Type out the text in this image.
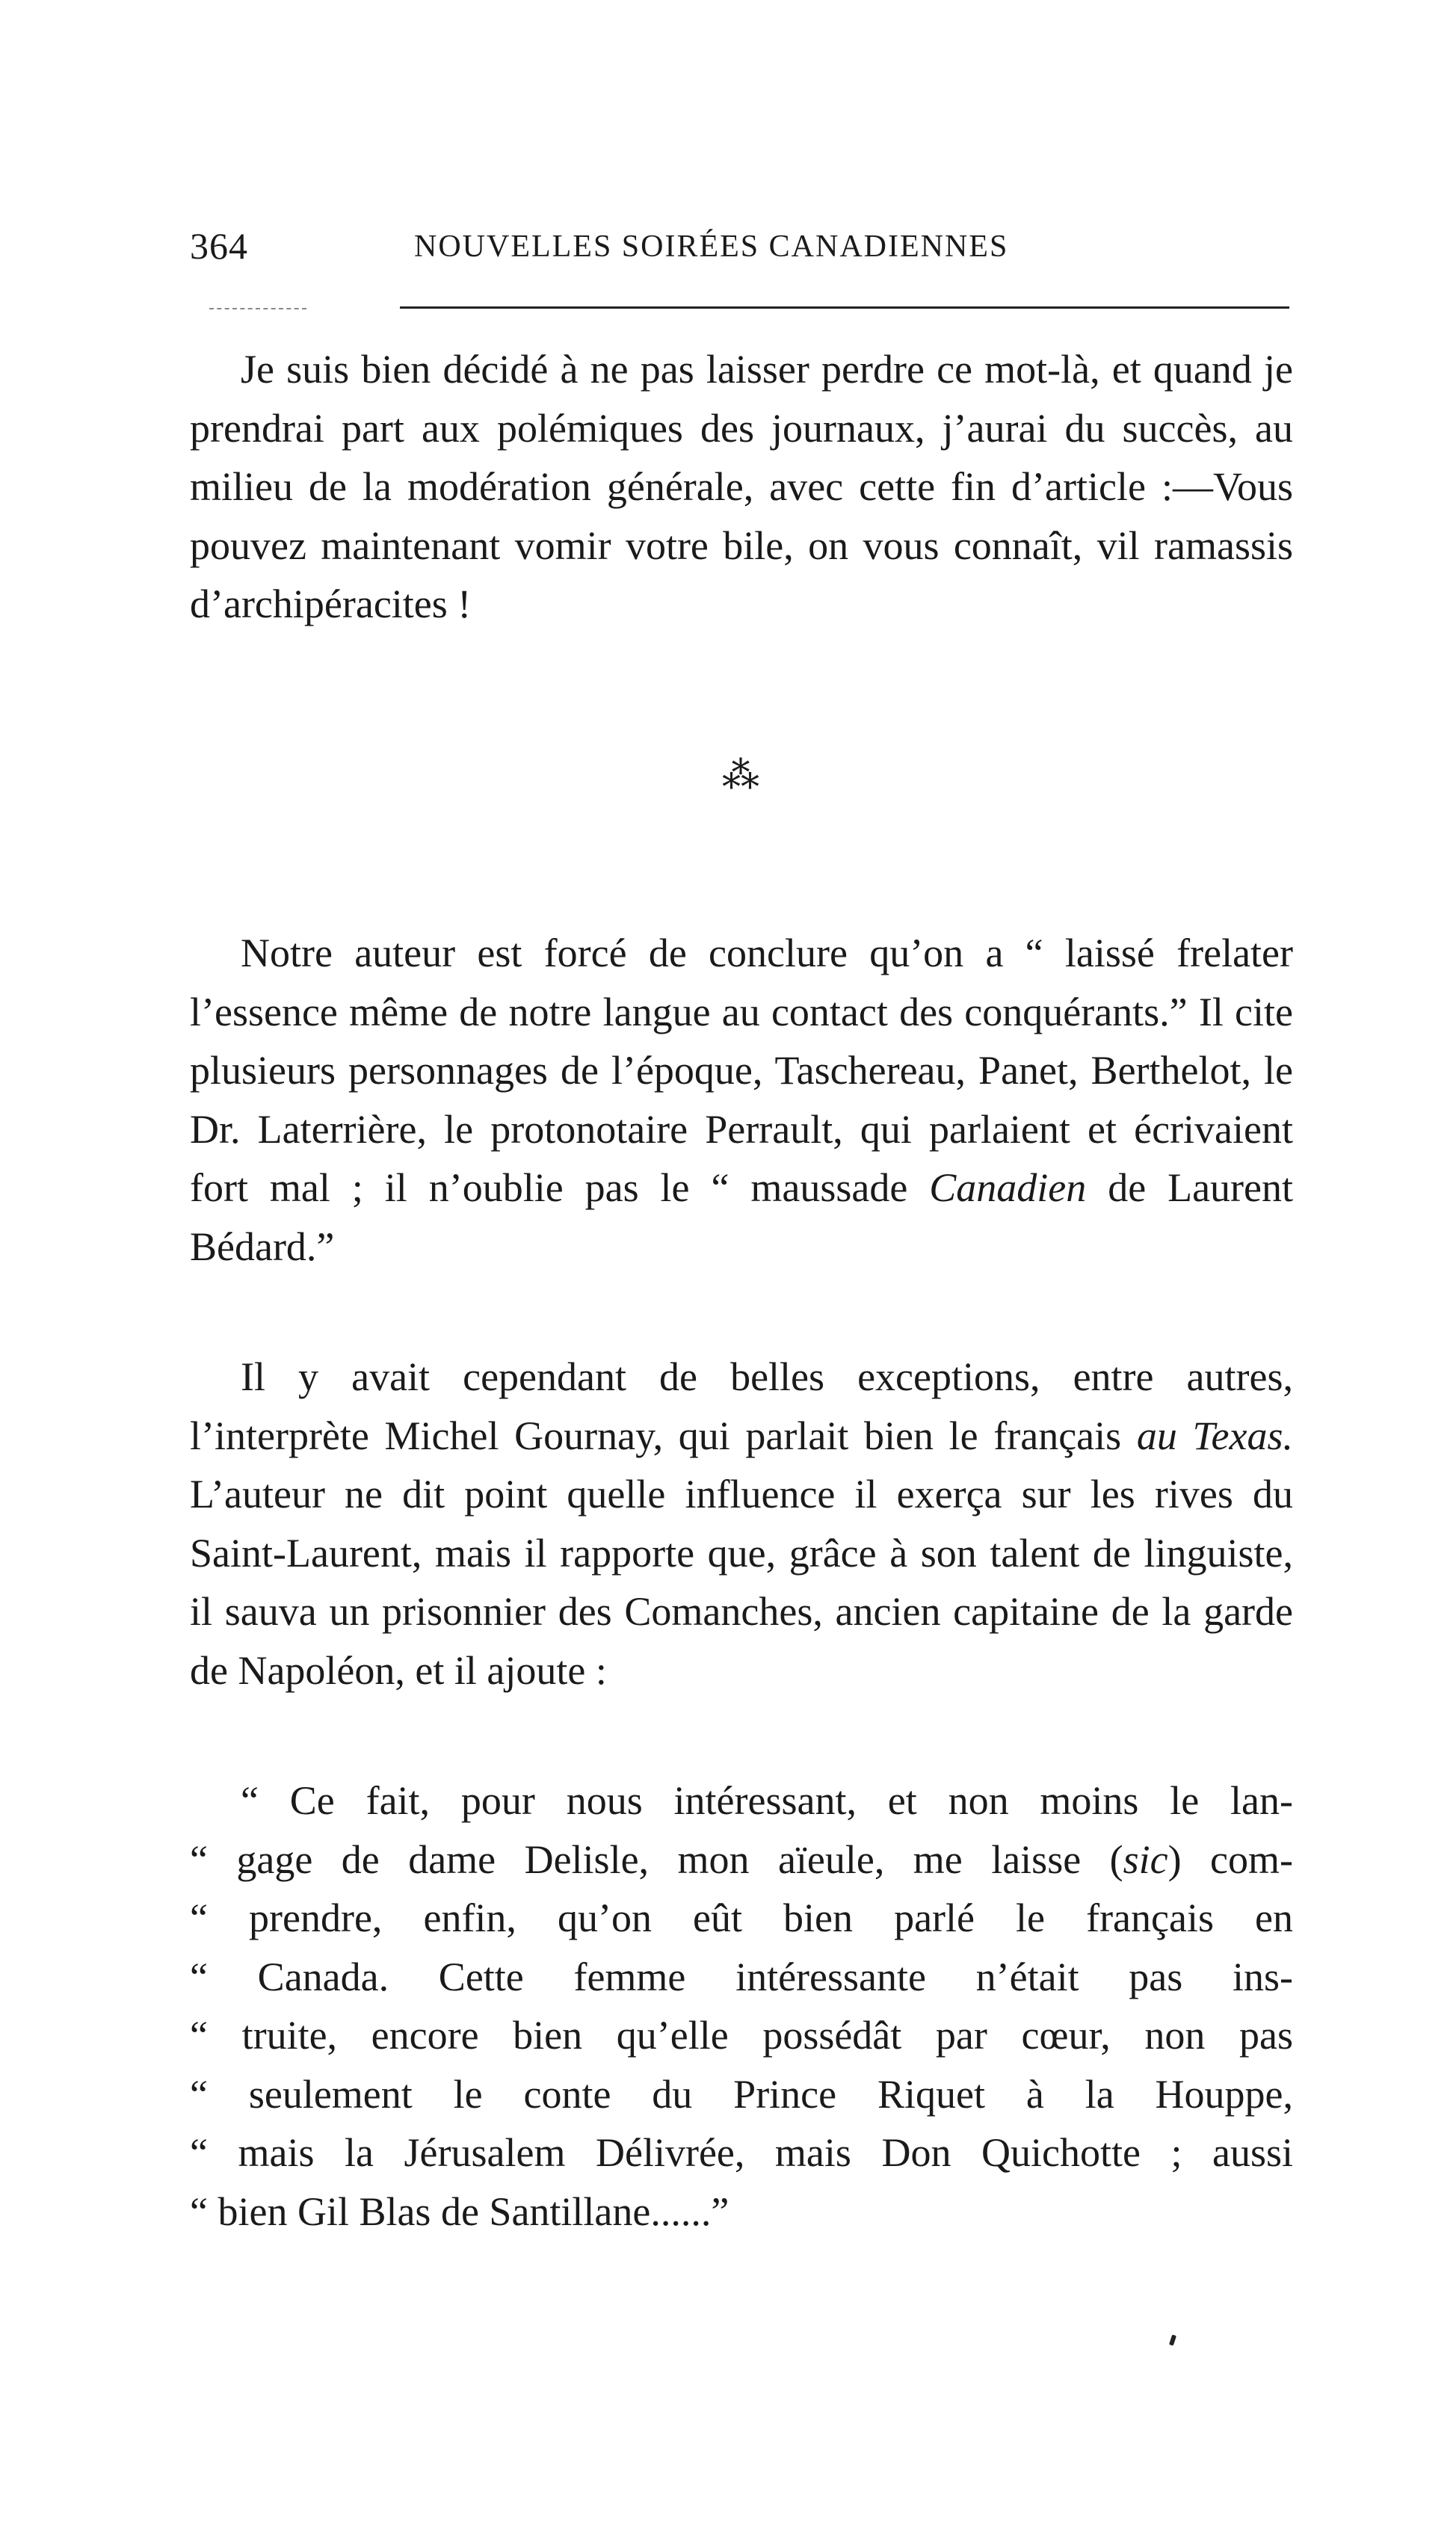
364	NOUVELLES SOIRÉES CANADIENNES

Je suis bien décidé à ne pas laisser perdre ce mot-là, et quand je prendrai part aux polémiques des journaux, j’aurai du succès, au milieu de la modération générale, avec cette fin d’article :—Vous pouvez maintenant vomir votre bile, on vous connaît, vil ramassis d’archipéracites !

⁂

Notre auteur est forcé de conclure qu’on a “ laissé frelater l’essence même de notre langue au contact des conquérants.” Il cite plusieurs personnages de l’époque, Taschereau, Panet, Berthelot, le Dr. Laterrière, le protonotaire Perrault, qui parlaient et écrivaient fort mal ; il n’oublie pas le “ maussade Canadien de Laurent Bédard.”

Il y avait cependant de belles exceptions, entre autres, l’interprète Michel Gournay, qui parlait bien le français au Texas. L’auteur ne dit point quelle influence il exerça sur les rives du Saint-Laurent, mais il rapporte que, grâce à son talent de linguiste, il sauva un prisonnier des Comanches, ancien capitaine de la garde de Napoléon, et il ajoute :

“ Ce fait, pour nous intéressant, et non moins le lan-
“ gage de dame Delisle, mon aïeule, me laisse (sic) com-
“ prendre, enfin, qu’on eût bien parlé le français en
“ Canada. Cette femme intéressante n’était pas ins-
“ truite, encore bien qu’elle possédât par cœur, non pas
“ seulement le conte du Prince Riquet à la Houppe,
“ mais la Jérusalem Délivrée, mais Don Quichotte ; aussi
“ bien Gil Blas de Santillane......”
